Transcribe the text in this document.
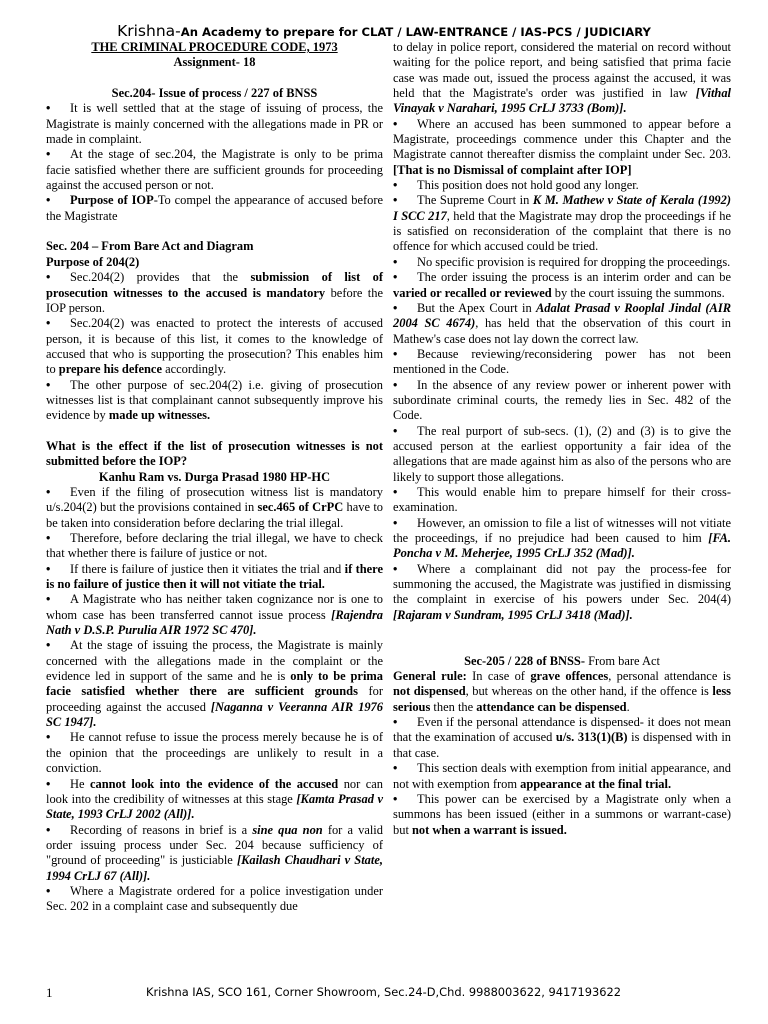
Krishna-An Academy to prepare for CLAT / LAW-ENTRANCE / IAS-PCS / JUDICIARY

THE CRIMINAL PROCEDURE CODE, 1973

Assignment- 18

Sec.204- Issue of process / 227 of BNSS

• It is well settled that at the stage of issuing of process, the Magistrate is mainly concerned with the allegations made in PR or made in complaint.

• At the stage of sec.204, the Magistrate is only to be prima facie satisfied whether there are sufficient grounds for proceeding against the accused person or not.

• Purpose of IOP-To compel the appearance of accused before the Magistrate

Sec. 204 – From Bare Act and Diagram

Purpose of 204(2)

• Sec.204(2) provides that the submission of list of prosecution witnesses to the accused is mandatory before the IOP person.

• Sec.204(2) was enacted to protect the interests of accused person, it is because of this list, it comes to the knowledge of accused that who is supporting the prosecution? This enables him to prepare his defence accordingly.

• The other purpose of sec.204(2) i.e. giving of prosecution witnesses list is that complainant cannot subsequently improve his evidence by made up witnesses.

What is the effect if the list of prosecution witnesses is not submitted before the IOP?

Kanhu Ram vs. Durga Prasad 1980 HP-HC

• Even if the filing of prosecution witness list is mandatory u/s.204(2) but the provisions contained in sec.465 of CrPC have to be taken into consideration before declaring the trial illegal.

• Therefore, before declaring the trial illegal, we have to check that whether there is failure of justice or not.

• If there is failure of justice then it vitiates the trial and if there is no failure of justice then it will not vitiate the trial.

• A Magistrate who has neither taken cognizance nor is one to whom case has been transferred cannot issue process [Rajendra Nath v D.S.P. Purulia AIR 1972 SC 470].

• At the stage of issuing the process, the Magistrate is mainly concerned with the allegations made in the complaint or the evidence led in support of the same and he is only to be prima facie satisfied whether there are sufficient grounds for proceeding against the accused [Naganna v Veeranna AIR 1976 SC 1947].

• He cannot refuse to issue the process merely because he is of the opinion that the proceedings are unlikely to result in a conviction.

• He cannot look into the evidence of the accused nor can look into the credibility of witnesses at this stage [Kamta Prasad v State, 1993 CrLJ 2002 (All)].

• Recording of reasons in brief is a sine qua non for a valid order issuing process under Sec. 204 because sufficiency of "ground of proceeding" is justiciable [Kailash Chaudhari v State, 1994 CrLJ 67 (All)].

• Where a Magistrate ordered for a police investigation under Sec. 202 in a complaint case and subsequently due

to delay in police report, considered the material on record without waiting for the police report, and being satisfied that prima facie case was made out, issued the process against the accused, it was held that the Magistrate's order was justified in law [Vithal Vinayak v Narahari, 1995 CrLJ 3733 (Bom)].

• Where an accused has been summoned to appear before a Magistrate, proceedings commence under this Chapter and the Magistrate cannot thereafter dismiss the complaint under Sec. 203. [That is no Dismissal of complaint after IOP]

• This position does not hold good any longer.

• The Supreme Court in K M. Mathew v State of Kerala (1992) I SCC 217, held that the Magistrate may drop the proceedings if he is satisfied on reconsideration of the complaint that there is no offence for which accused could be tried.

• No specific provision is required for dropping the proceedings.

• The order issuing the process is an interim order and can be varied or recalled or reviewed by the court issuing the summons.

• But the Apex Court in Adalat Prasad v Rooplal Jindal (AIR 2004 SC 4674), has held that the observation of this court in Mathew's case does not lay down the correct law.

• Because reviewing/reconsidering power has not been mentioned in the Code.

• In the absence of any review power or inherent power with subordinate criminal courts, the remedy lies in Sec. 482 of the Code.

• The real purport of sub-secs. (1), (2) and (3) is to give the accused person at the earliest opportunity a fair idea of the allegations that are made against him as also of the persons who are likely to support those allegations.

• This would enable him to prepare himself for their cross-examination.

• However, an omission to file a list of witnesses will not vitiate the proceedings, if no prejudice had been caused to him [FA. Poncha v M. Meherjee, 1995 CrLJ 352 (Mad)].

• Where a complainant did not pay the process-fee for summoning the accused, the Magistrate was justified in dismissing the complaint in exercise of his powers under Sec. 204(4) [Rajaram v Sundram, 1995 CrLJ 3418 (Mad)].

Sec-205 / 228 of BNSS- From bare Act

General rule: In case of grave offences, personal attendance is not dispensed, but whereas on the other hand, if the offence is less serious then the attendance can be dispensed.

• Even if the personal attendance is dispensed- it does not mean that the examination of accused u/s. 313(1)(B) is dispensed with in that case.

• This section deals with exemption from initial appearance, and not with exemption from appearance at the final trial.

• This power can be exercised by a Magistrate only when a summons has been issued (either in a summons or warrant-case) but not when a warrant is issued.

1	Krishna IAS, SCO 161, Corner Showroom, Sec.24-D,Chd. 9988003622, 9417193622
